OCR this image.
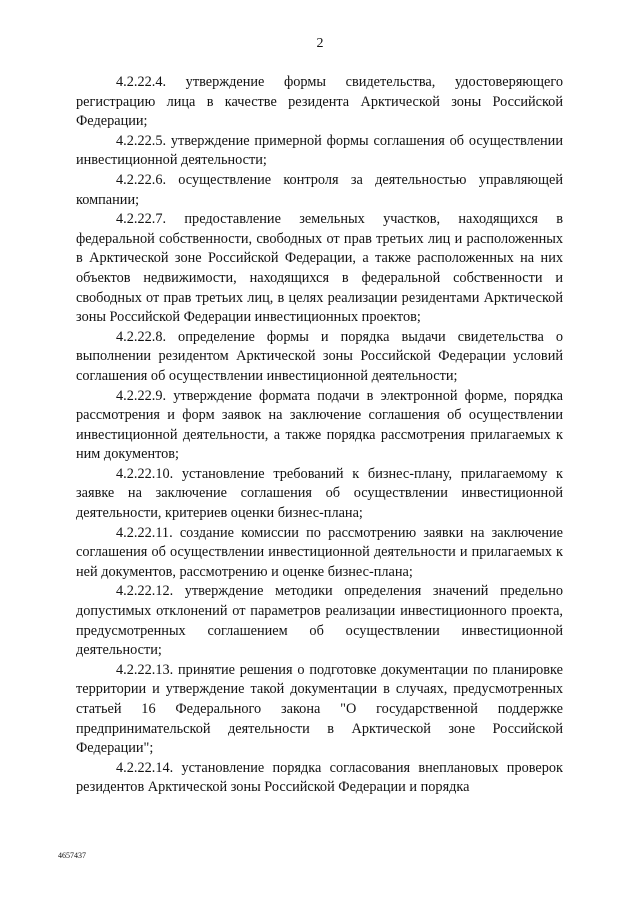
2

4.2.22.4. утверждение формы свидетельства, удостоверяющего регистрацию лица в качестве резидента Арктической зоны Российской Федерации;

4.2.22.5. утверждение примерной формы соглашения об осуществлении инвестиционной деятельности;

4.2.22.6. осуществление контроля за деятельностью управляющей компании;

4.2.22.7. предоставление земельных участков, находящихся в федеральной собственности, свободных от прав третьих лиц и расположенных в Арктической зоне Российской Федерации, а также расположенных на них объектов недвижимости, находящихся в федеральной собственности и свободных от прав третьих лиц, в целях реализации резидентами Арктической зоны Российской Федерации инвестиционных проектов;

4.2.22.8. определение формы и порядка выдачи свидетельства о выполнении резидентом Арктической зоны Российской Федерации условий соглашения об осуществлении инвестиционной деятельности;

4.2.22.9. утверждение формата подачи в электронной форме, порядка рассмотрения и форм заявок на заключение соглашения об осуществлении инвестиционной деятельности, а также порядка рассмотрения прилагаемых к ним документов;

4.2.22.10. установление требований к бизнес-плану, прилагаемому к заявке на заключение соглашения об осуществлении инвестиционной деятельности, критериев оценки бизнес-плана;

4.2.22.11. создание комиссии по рассмотрению заявки на заключение соглашения об осуществлении инвестиционной деятельности и прилагаемых к ней документов, рассмотрению и оценке бизнес-плана;

4.2.22.12. утверждение методики определения значений предельно допустимых отклонений от параметров реализации инвестиционного проекта, предусмотренных соглашением об осуществлении инвестиционной деятельности;

4.2.22.13. принятие решения о подготовке документации по планировке территории и утверждение такой документации в случаях, предусмотренных статьей 16 Федерального закона "О государственной поддержке предпринимательской деятельности в Арктической зоне Российской Федерации";

4.2.22.14. установление порядка согласования внеплановых проверок резидентов Арктической зоны Российской Федерации и порядка

4657437
